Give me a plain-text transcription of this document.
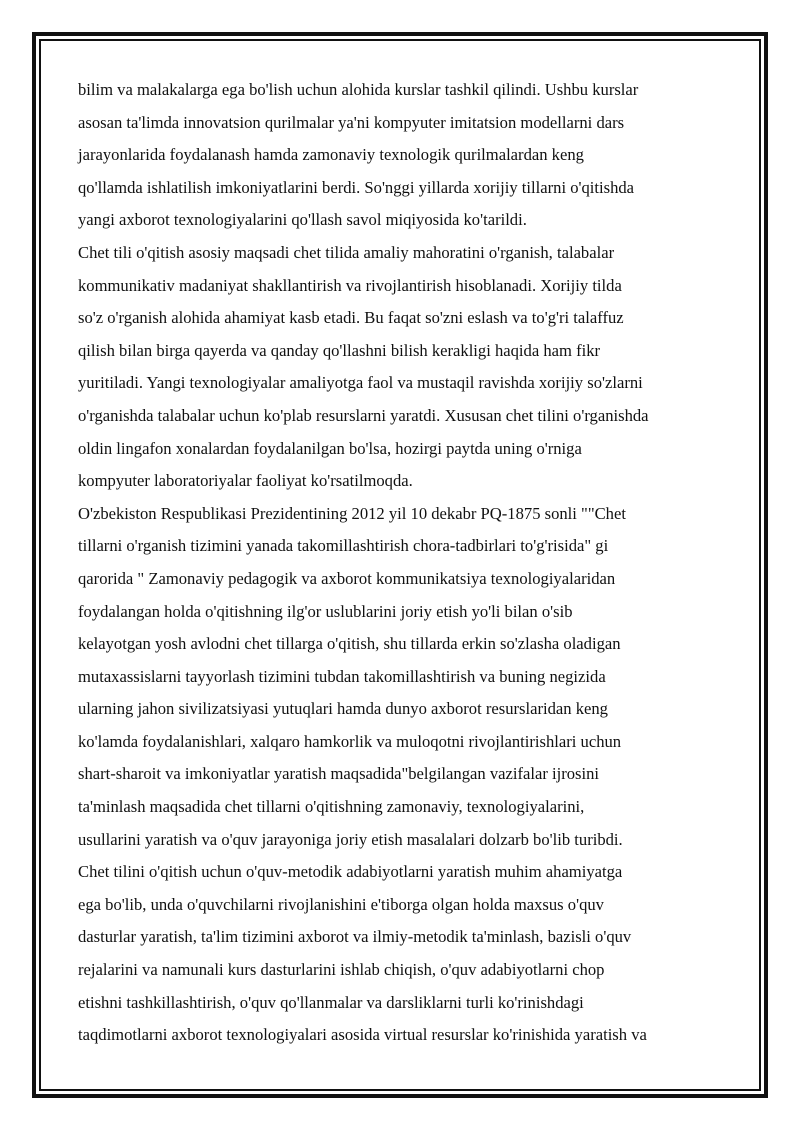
bilim va malakalarga ega bo'lish uchun alohida kurslar tashkil qilindi. Ushbu kurslar
asosan ta'limda innovatsion qurilmalar ya'ni kompyuter imitatsion modellarni dars
jarayonlarida foydalanash hamda zamonaviy texnologik qurilmalardan keng
qo'llamda ishlatilish imkoniyatlarini berdi. So'nggi yillarda xorijiy tillarni o'qitishda
yangi axborot texnologiyalarini qo'llash savol miqiyosida ko'tarildi.
Chet tili o'qitish asosiy maqsadi chet tilida amaliy mahoratini o'rganish, talabalar
kommunikativ madaniyat shakllantirish va rivojlantirish hisoblanadi. Xorijiy tilda
so'z o'rganish alohida ahamiyat kasb etadi. Bu faqat so'zni eslash va to'g'ri talaffuz
qilish bilan birga qayerda va qanday qo'llashni bilish kerakligi haqida ham fikr
yuritiladi. Yangi texnologiyalar amaliyotga faol va mustaqil ravishda xorijiy so'zlarni
o'rganishda talabalar uchun ko'plab resurslarni yaratdi. Xususan chet tilini o'rganishda
oldin lingafon xonalardan foydalanilgan bo'lsa, hozirgi paytda uning o'rniga
kompyuter laboratoriyalar faoliyat ko'rsatilmoqda.
O'zbekiston Respublikasi Prezidentining 2012 yil 10 dekabr PQ-1875 sonli ""Chet
tillarni o'rganish tizimini yanada takomillashtirish chora-tadbirlari to'g'risida" gi
qarorida " Zamonaviy pedagogik va axborot kommunikatsiya texnologiyalaridan
foydalangan holda o'qitishning ilg'or uslublarini joriy etish yo'li bilan o'sib
kelayotgan yosh avlodni chet tillarga o'qitish, shu tillarda erkin so'zlasha oladigan
mutaxassislarni tayyorlash tizimini tubdan takomillashtirish va buning negizida
ularning jahon sivilizatsiyasi yutuqlari hamda dunyo axborot resurslaridan keng
ko'lamda foydalanishlari, xalqaro hamkorlik va muloqotni rivojlantirishlari uchun
shart-sharoit va imkoniyatlar yaratish maqsadida"belgilangan vazifalar ijrosini
ta'minlash maqsadida chet tillarni o'qitishning zamonaviy, texnologiyalarini,
usullarini yaratish va o'quv jarayoniga joriy etish masalalari dolzarb bo'lib turibdi.
Chet tilini o'qitish uchun o'quv-metodik adabiyotlarni yaratish muhim ahamiyatga
ega bo'lib, unda o'quvchilarni rivojlanishini e'tiborga olgan holda maxsus o'quv
dasturlar yaratish, ta'lim tizimini axborot va ilmiy-metodik ta'minlash, bazisli o'quv
rejalarini va namunali kurs dasturlarini ishlab chiqish, o'quv adabiyotlarni chop
etishni tashkillashtirish, o'quv qo'llanmalar va darsliklarni turli ko'rinishdagi
taqdimotlarni axborot texnologiyalari asosida virtual resurslar ko'rinishida yaratish va
